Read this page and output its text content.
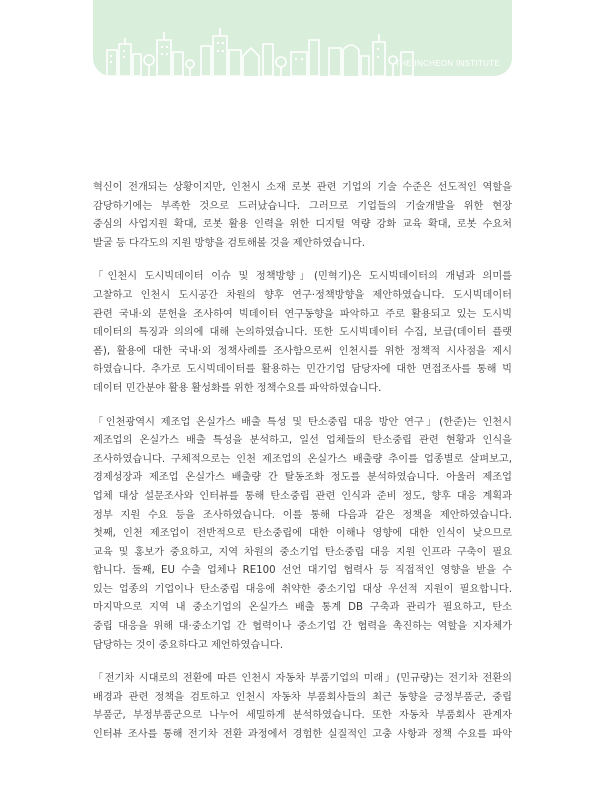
THE INCHEON INSTITUTE
혁신이 전개되는 상황이지만, 인천시 소재 로봇 관련 기업의 기술 수준은 선도적인 역할을
감당하기에는 부족한 것으로 드러났습니다. 그러므로 기업들의 기술개발을 위한 현장
중심의 사업지원 확대, 로봇 활용 인력을 위한 디지털 역량 강화 교육 확대, 로봇 수요처
발굴 등 다각도의 지원 방향을 검토해볼 것을 제안하였습니다.
「인천시 도시빅데이터 이슈 및 정책방향」(민혁기)은 도시빅데이터의 개념과 의미를
고찰하고 인천시 도시공간 차원의 향후 연구·정책방향을 제안하였습니다. 도시빅데이터
관련 국내·외 문헌을 조사하여 빅데이터 연구동향을 파악하고 주로 활용되고 있는 도시빅
데이터의 특징과 의의에 대해 논의하였습니다. 또한 도시빅데이터 수집, 보급(데이터 플랫
폼), 활용에 대한 국내·외 정책사례를 조사함으로써 인천시를 위한 정책적 시사점을 제시
하였습니다. 추가로 도시빅데이터를 활용하는 민간기업 담당자에 대한 면접조사를 통해 빅
데이터 민간분야 활용 활성화를 위한 정책수요를 파악하였습니다.
「인천광역시 제조업 온실가스 배출 특성 및 탄소중립 대응 방안 연구」(한준)는 인천시
제조업의 온실가스 배출 특성을 분석하고, 일선 업체들의 탄소중립 관련 현황과 인식을
조사하였습니다. 구체적으로는 인천 제조업의 온실가스 배출량 추이를 업종별로 살펴보고,
경제성장과 제조업 온실가스 배출량 간 탈동조화 정도를 분석하였습니다. 아울러 제조업
업체 대상 설문조사와 인터뷰를 통해 탄소중립 관련 인식과 준비 정도, 향후 대응 계획과
정부 지원 수요 등을 조사하였습니다. 이를 통해 다음과 같은 정책을 제안하였습니다.
첫째, 인천 제조업이 전반적으로 탄소중립에 대한 이해나 영향에 대한 인식이 낮으므로
교육 및 홍보가 중요하고, 지역 차원의 중소기업 탄소중립 대응 지원 인프라 구축이 필요
합니다. 둘째, EU 수출 업체나 RE100 선언 대기업 협력사 등 직접적인 영향을 받을 수
있는 업종의 기업이나 탄소중립 대응에 취약한 중소기업 대상 우선적 지원이 필요합니다.
마지막으로 지역 내 중소기업의 온실가스 배출 통계 DB 구축과 관리가 필요하고, 탄소
중립 대응을 위해 대·중소기업 간 협력이나 중소기업 간 협력을 촉진하는 역할을 지자체가
담당하는 것이 중요하다고 제언하였습니다.
「전기차 시대로의 전환에 따른 인천시 자동차 부품기업의 미래」(민규량)는 전기차 전환의
배경과 관련 정책을 검토하고 인천시 자동차 부품회사들의 최근 동향을 긍정부품군, 중립
부품군, 부정부품군으로 나누어 세밀하게 분석하였습니다. 또한 자동차 부품회사 관계자
인터뷰 조사를 통해 전기차 전환 과정에서 경험한 실질적인 고충 사항과 정책 수요를 파악
